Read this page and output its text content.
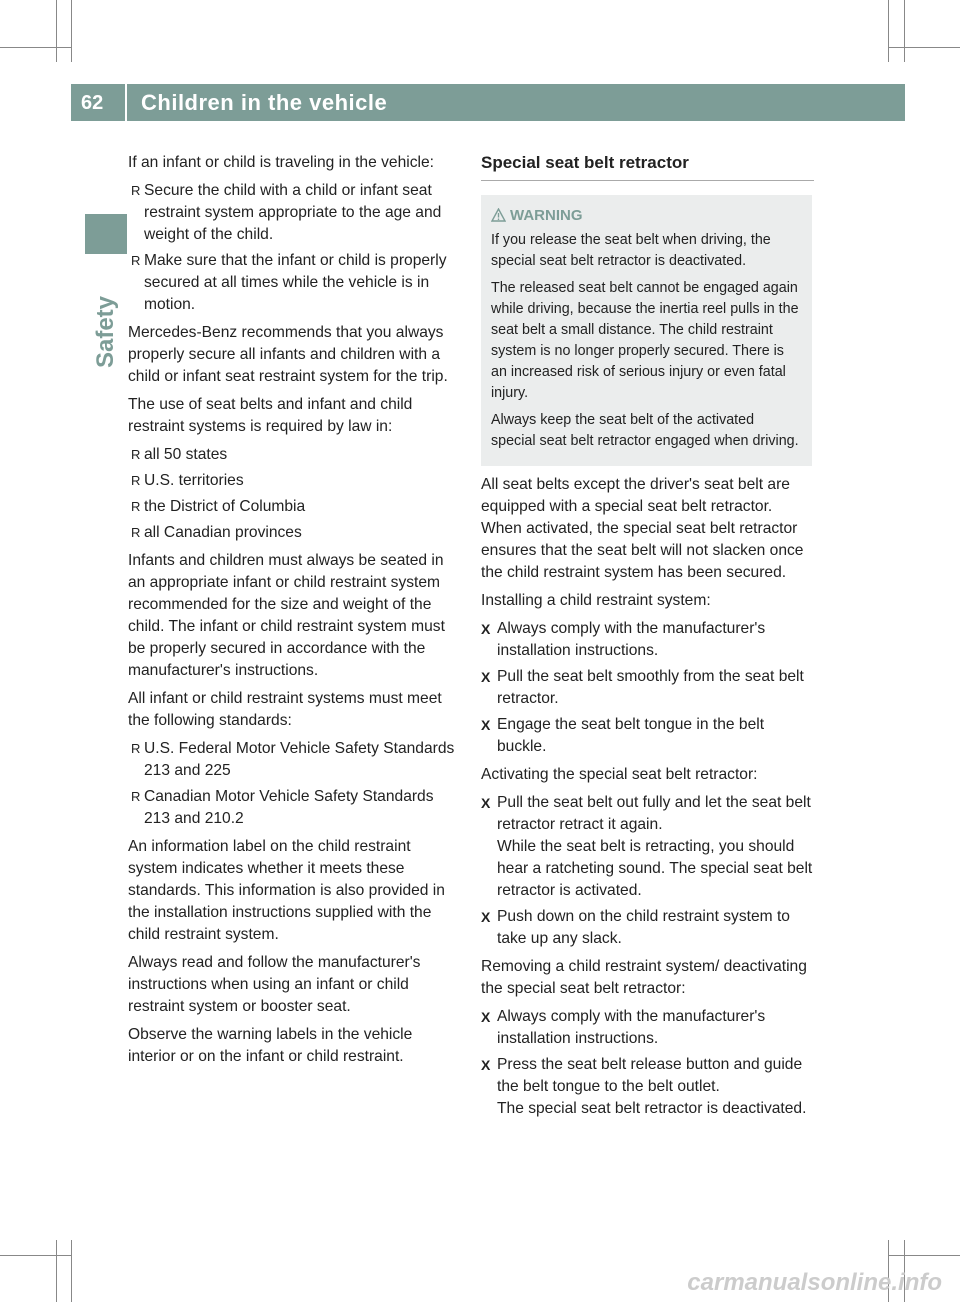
62	Children in the vehicle
Safety

If an infant or child is traveling in the vehicle:

R Secure the child with a child or infant seat restraint system appropriate to the age and weight of the child.
R Make sure that the infant or child is properly secured at all times while the vehicle is in motion.

Mercedes-Benz recommends that you always properly secure all infants and children with a child or infant seat restraint system for the trip.

The use of seat belts and infant and child restraint systems is required by law in:

R all 50 states
R U.S. territories
R the District of Columbia
R all Canadian provinces

Infants and children must always be seated in an appropriate infant or child restraint system recommended for the size and weight of the child. The infant or child restraint system must be properly secured in accordance with the manufacturer's instructions.

All infant or child restraint systems must meet the following standards:

R U.S. Federal Motor Vehicle Safety Standards 213 and 225
R Canadian Motor Vehicle Safety Standards 213 and 210.2

An information label on the child restraint system indicates whether it meets these standards. This information is also provided in the installation instructions supplied with the child restraint system.

Always read and follow the manufacturer's instructions when using an infant or child restraint system or booster seat.

Observe the warning labels in the vehicle interior or on the infant or child restraint.

Special seat belt retractor
WARNING

If you release the seat belt when driving, the special seat belt retractor is deactivated.

The released seat belt cannot be engaged again while driving, because the inertia reel pulls in the seat belt a small distance. The child restraint system is no longer properly secured. There is an increased risk of serious injury or even fatal injury.

Always keep the seat belt of the activated special seat belt retractor engaged when driving.

All seat belts except the driver's seat belt are equipped with a special seat belt retractor. When activated, the special seat belt retractor ensures that the seat belt will not slacken once the child restraint system has been secured.

Installing a child restraint system:

X Always comply with the manufacturer's installation instructions.
X Pull the seat belt smoothly from the seat belt retractor.
X Engage the seat belt tongue in the belt buckle.

Activating the special seat belt retractor:

X Pull the seat belt out fully and let the seat belt retractor retract it again.
While the seat belt is retracting, you should hear a ratcheting sound. The special seat belt retractor is activated.
X Push down on the child restraint system to take up any slack.

Removing a child restraint system/ deactivating the special seat belt retractor:

X Always comply with the manufacturer's installation instructions.
X Press the seat belt release button and guide the belt tongue to the belt outlet.
The special seat belt retractor is deactivated.
carmanualsonline.info
